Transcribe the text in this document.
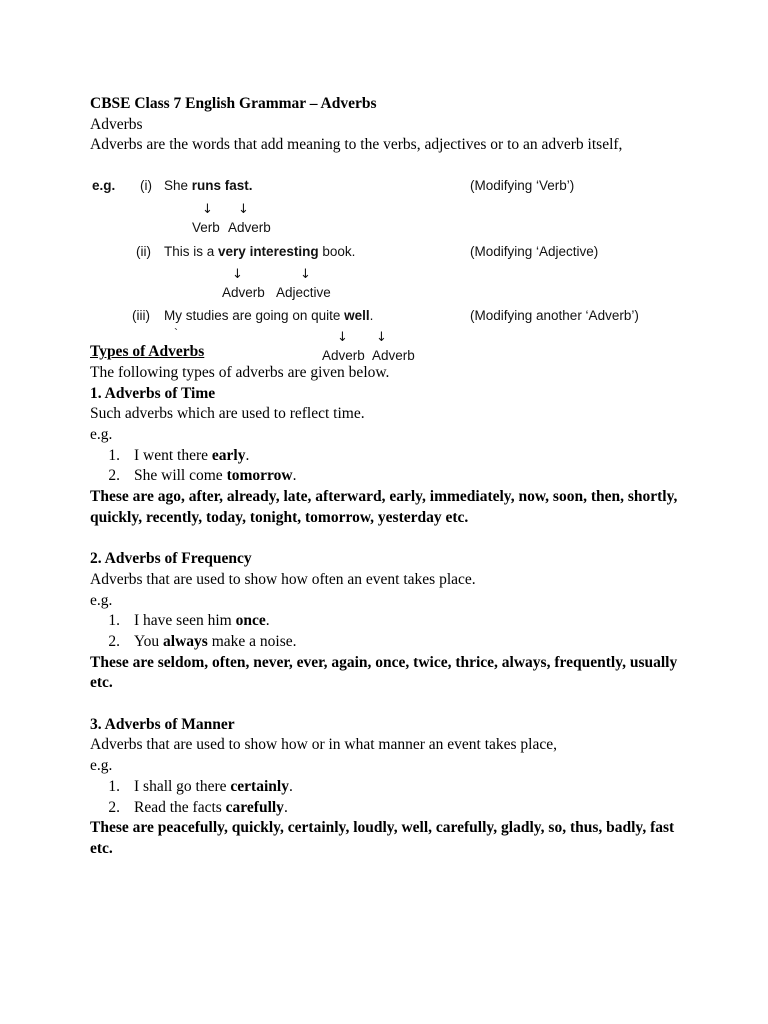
CBSE Class 7 English Grammar – Adverbs

Adverbs

Adverbs are the words that add meaning to the verbs, adjectives or to an adverb itself,

Types of Adverbs

The following types of adverbs are given below.

1. Adverbs of Time

Such adverbs which are used to reflect time.

e.g.

1. I went there early.
2. She will come tomorrow.

These are ago, after, already, late, afterward, early, immediately, now, soon, then, shortly, quickly, recently, today, tonight, tomorrow, yesterday etc.

2. Adverbs of Frequency

Adverbs that are used to show how often an event takes place.

e.g.

1. I have seen him once.
2. You always make a noise.

These are seldom, often, never, ever, again, once, twice, thrice, always, frequently, usually etc.

3. Adverbs of Manner

Adverbs that are used to show how or in what manner an event takes place,

e.g.

1. I shall go there certainly.
2. Read the facts carefully.

These are peacefully, quickly, certainly, loudly, well, carefully, gladly, so, thus, badly, fast etc.

e.g. (i) She runs fast.	(Modifying ‘Verb’)
↓ ↓
Verb Adverb
(ii) This is a very interesting book.	(Modifying ‘Adjective)
↓	↓
Adverb Adjective
(iii) My studies are going on quite well.	(Modifying another ‘Adverb’)
`	↓ ↓
Adverb Adverb
